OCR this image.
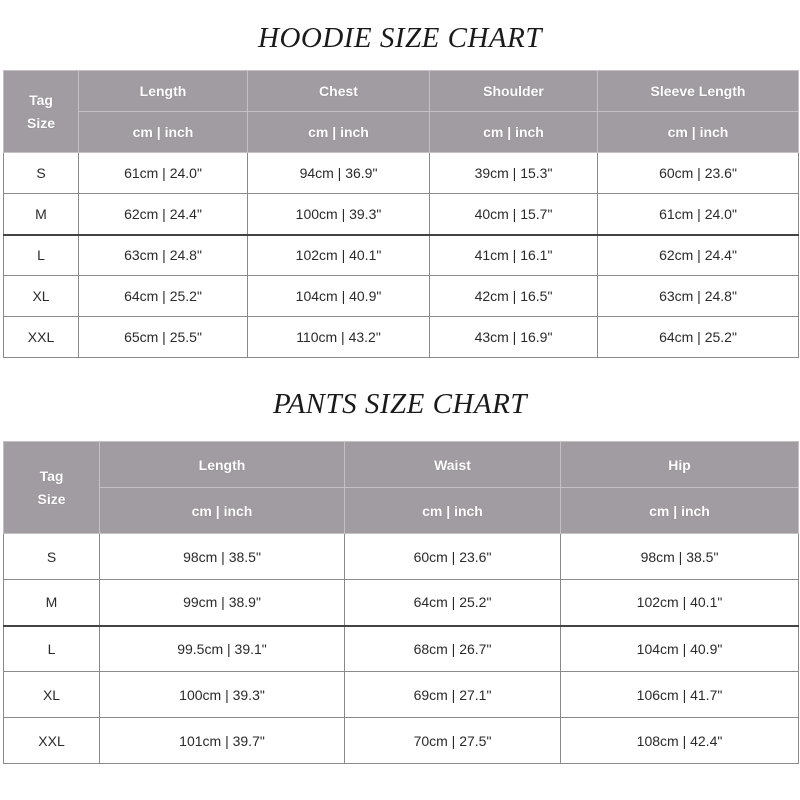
HOODIE SIZE CHART
Tag
Size	Length	Chest	Shoulder	Sleeve Length
	cm | inch	cm | inch	cm | inch	cm | inch
S	61cm | 24.0"	94cm | 36.9"	39cm | 15.3"	60cm | 23.6"
M	62cm | 24.4"	100cm | 39.3"	40cm | 15.7"	61cm | 24.0"
L	63cm | 24.8"	102cm | 40.1"	41cm | 16.1"	62cm | 24.4"
XL	64cm | 25.2"	104cm | 40.9"	42cm | 16.5"	63cm | 24.8"
XXL	65cm | 25.5"	110cm | 43.2"	43cm | 16.9"	64cm | 25.2"
PANTS SIZE CHART
Tag
Size	Length	Waist	Hip
	cm | inch	cm | inch	cm | inch
S	98cm | 38.5"	60cm | 23.6"	98cm | 38.5"
M	99cm | 38.9"	64cm | 25.2"	102cm | 40.1"
L	99.5cm | 39.1"	68cm | 26.7"	104cm | 40.9"
XL	100cm | 39.3"	69cm | 27.1"	106cm | 41.7"
XXL	101cm | 39.7"	70cm | 27.5"	108cm | 42.4"
